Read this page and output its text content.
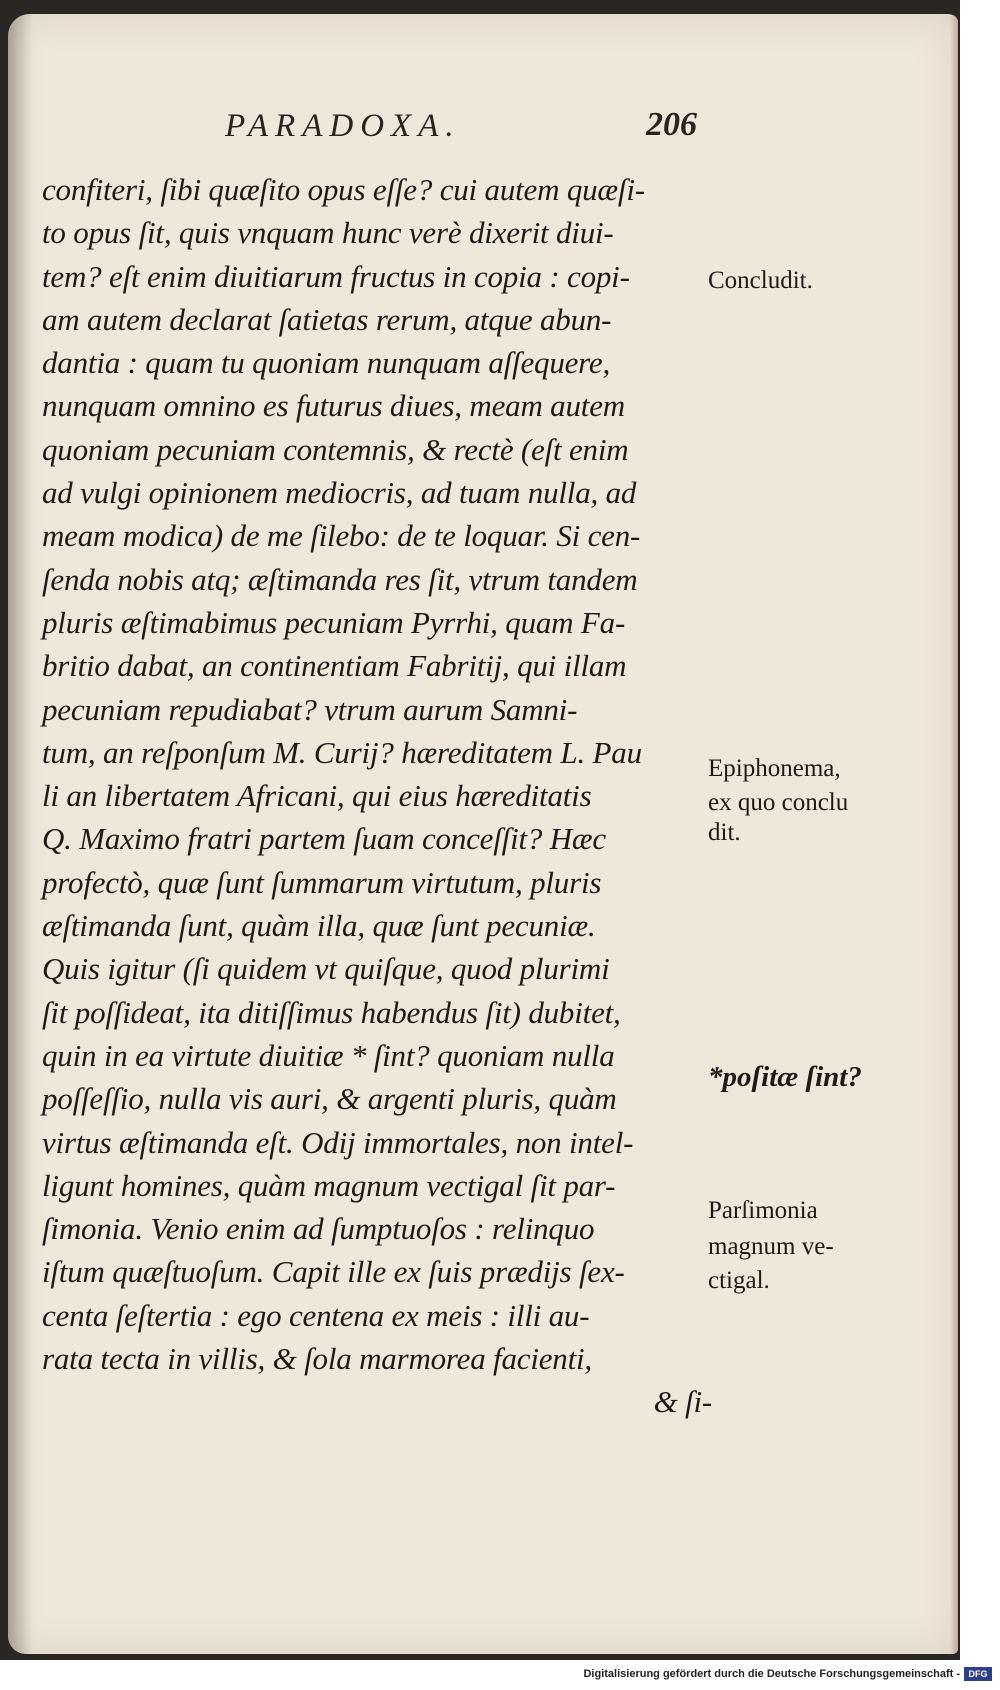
PARADOXA.	206
confiteri, ſibi quæſito opus eſſe? cui autem quæſi-
to opus ſit, quis vnquam hunc verè dixerit diui-
tem? eſt enim diuitiarum fructus in copia : copi-
am autem declarat ſatietas rerum, atque abun-
dantia : quam tu quoniam nunquam aſſequere,
nunquam omnino es futurus diues, meam autem
quoniam pecuniam contemnis, & rectè (eſt enim
ad vulgi opinionem mediocris, ad tuam nulla, ad
meam modica) de me ſilebo: de te loquar. Si cen-
ſenda nobis atq; æſtimanda res ſit, vtrum tandem
pluris æſtimabimus pecuniam Pyrrhi, quam Fa-
britio dabat, an continentiam Fabritij, qui illam
pecuniam repudiabat? vtrum aurum Samni-
tum, an reſponſum M. Curij? hæreditatem L. Pau
li an libertatem Africani, qui eius hæreditatis
Q. Maximo fratri partem ſuam conceſſit? Hæc
profectò, quæ ſunt ſummarum virtutum, pluris
æſtimanda ſunt, quàm illa, quæ ſunt pecuniæ.
Quis igitur (ſi quidem vt quiſque, quod plurimi
ſit poſſideat, ita ditiſſimus habendus ſit) dubitet,
quin in ea virtute diuitiæ * ſint? quoniam nulla
poſſeſſio, nulla vis auri, & argenti pluris, quàm
virtus æſtimanda eſt. Odij immortales, non intel-
ligunt homines, quàm magnum vectigal ſit par-
ſimonia. Venio enim ad ſumptuoſos : relinquo
iſtum quæſtuoſum. Capit ille ex ſuis prædijs ſex-
centa ſeſtertia : ego centena ex meis : illi au-
rata tecta in villis, & ſola marmorea facienti,
& ſi-
Concludit.
Epiphonema,
ex quo conclu
dit.
*poſitæ ſint?
Parſimonia
magnum ve-
ctigal.
Digitalisierung gefördert durch die Deutsche Forschungsgemeinschaft - DFG
